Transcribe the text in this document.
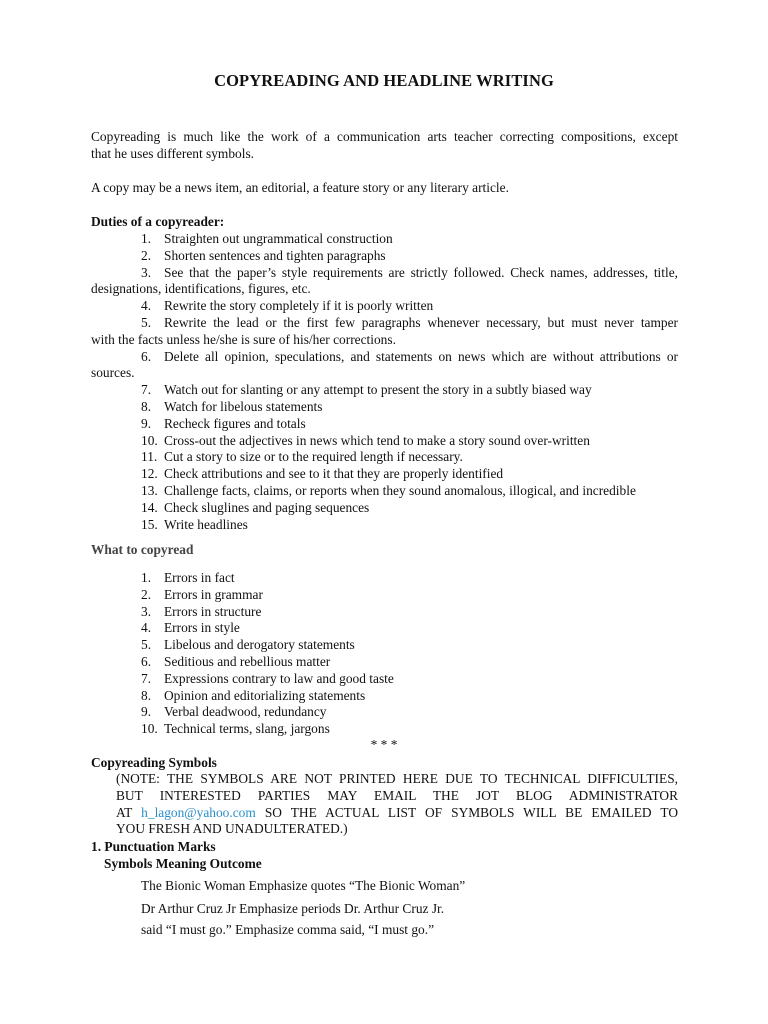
COPYREADING AND HEADLINE WRITING
Copyreading is much like the work of a communication arts teacher correcting compositions, except
that he uses different symbols.
A copy may be a news item, an editorial, a feature story or any literary article.
Duties of a copyreader:
1. Straighten out ungrammatical construction
2. Shorten sentences and tighten paragraphs
3. See that the paper’s style requirements are strictly followed. Check names, addresses, title,
designations, identifications, figures, etc.
4. Rewrite the story completely if it is poorly written
5. Rewrite the lead or the first few paragraphs whenever necessary, but must never tamper
with the facts unless he/she is sure of his/her corrections.
6. Delete all opinion, speculations, and statements on news which are without attributions or
sources.
7. Watch out for slanting or any attempt to present the story in a subtly biased way
8. Watch for libelous statements
9. Recheck figures and totals
10. Cross-out the adjectives in news which tend to make a story sound over-written
11. Cut a story to size or to the required length if necessary.
12. Check attributions and see to it that they are properly identified
13. Challenge facts, claims, or reports when they sound anomalous, illogical, and incredible
14. Check sluglines and paging sequences
15. Write headlines
What to copyread
1. Errors in fact
2. Errors in grammar
3. Errors in structure
4. Errors in style
5. Libelous and derogatory statements
6. Seditious and rebellious matter
7. Expressions contrary to law and good taste
8. Opinion and editorializing statements
9. Verbal deadwood, redundancy
10. Technical terms, slang, jargons
* * *
Copyreading Symbols
(NOTE: THE SYMBOLS ARE NOT PRINTED HERE DUE TO TECHNICAL DIFFICULTIES,
BUT INTERESTED PARTIES MAY EMAIL THE JOT BLOG ADMINISTRATOR
AT h_lagon@yahoo.com SO THE ACTUAL LIST OF SYMBOLS WILL BE EMAILED TO
YOU FRESH AND UNADULTERATED.)
1. Punctuation Marks
Symbols Meaning Outcome
The Bionic Woman Emphasize quotes “The Bionic Woman”
Dr Arthur Cruz Jr Emphasize periods Dr. Arthur Cruz Jr.
said “I must go.” Emphasize comma said, “I must go.”
